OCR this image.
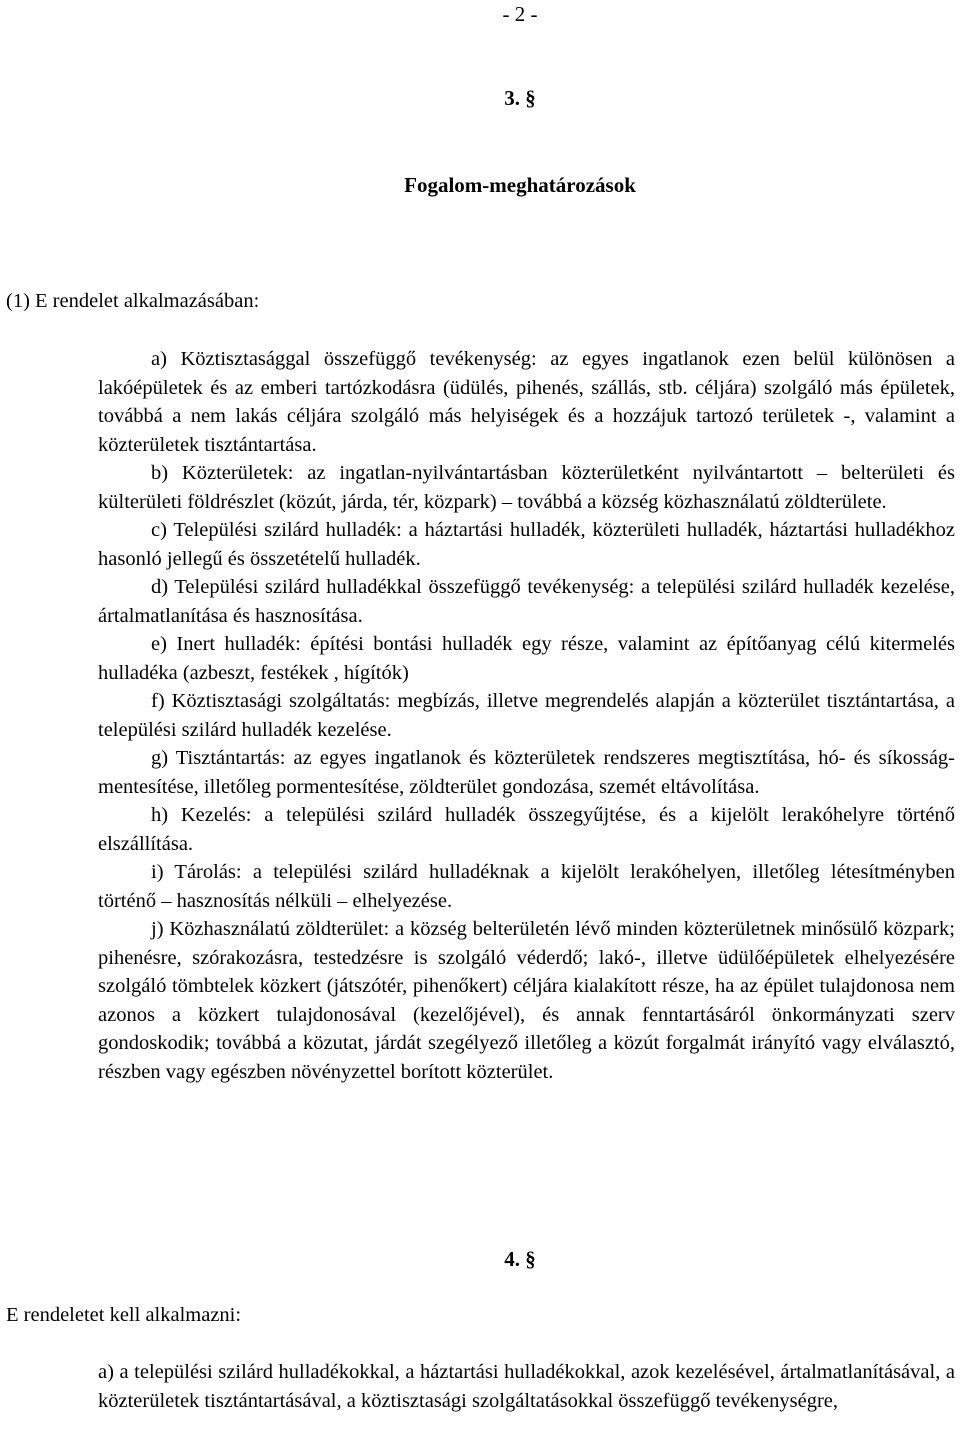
- 2 -
3. §
Fogalom-meghatározások
(1) E rendelet alkalmazásában:

a) Köztisztasággal összefüggő tevékenység: az egyes ingatlanok ezen belül különösen a lakóépületek és az emberi tartózkodásra (üdülés, pihenés, szállás, stb. céljára) szolgáló más épületek, továbbá a nem lakás céljára szolgáló más helyiségek és a hozzájuk tartozó területek -, valamint a közterületek tisztántartása.

b) Közterületek: az ingatlan-nyilvántartásban közterületként nyilvántartott – belterületi és külterületi földrészlet (közút, járda, tér, közpark) – továbbá a község közhasználatú zöldterülete.

c) Települési szilárd hulladék: a háztartási hulladék, közterületi hulladék, háztartási hulladékhoz hasonló jellegű és összetételű hulladék.

d) Települési szilárd hulladékkal összefüggő tevékenység: a települési szilárd hulladék kezelése, ártalmatlanítása és hasznosítása.

e) Inert hulladék: építési bontási hulladék egy része, valamint az építőanyag célú kitermelés hulladéka (azbeszt, festékek , hígítók)

f) Köztisztasági szolgáltatás: megbízás, illetve megrendelés alapján a közterület tisztántartása, a települési szilárd hulladék kezelése.

g) Tisztántartás: az egyes ingatlanok és közterületek rendszeres megtisztítása, hó- és síkosság-mentesítése, illetőleg pormentesítése, zöldterület gondozása, szemét eltávolítása.

h) Kezelés: a települési szilárd hulladék összegyűjtése, és a kijelölt lerakóhelyre történő elszállítása.

i) Tárolás: a települési szilárd hulladéknak a kijelölt lerakóhelyen, illetőleg létesítményben történő – hasznosítás nélküli – elhelyezése.

j) Közhasználatú zöldterület: a község belterületén lévő minden közterületnek minősülő közpark; pihenésre, szórakozásra, testedzésre is szolgáló véderdő; lakó-, illetve üdülőépületek elhelyezésére szolgáló tömbtelek közkert (játszótér, pihenőkert) céljára kialakított része, ha az épület tulajdonosa nem azonos a közkert tulajdonosával (kezelőjével), és annak fenntartásáról önkormányzati szerv gondoskodik; továbbá a közutat, járdát szegélyező illetőleg a közút forgalmát irányító vagy elválasztó, részben vagy egészben növényzettel borított közterület.

4. §
E rendeletet kell alkalmazni:

a) a települési szilárd hulladékokkal, a háztartási hulladékokkal, azok kezelésével, ártalmatlanításával, a közterületek tisztántartásával, a köztisztasági szolgáltatásokkal összefüggő tevékenységre,
